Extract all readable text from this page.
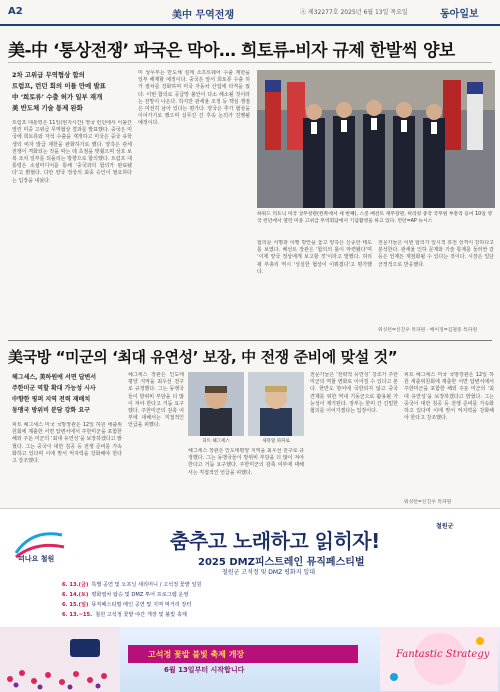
A2	美中 무역전쟁	Ⓐ 제32277호 2025년 6월 13일 목요일	동아일보
美-中 ‘통상전쟁’ 파국은 막아… 희토류-비자 규제 한발씩 양보
2차 고위급 무역협상 합의
트럼프, 런던 회의 이틀 만에 발표
中 ‘희토류’ 수출 허가 일부 재개
美 반도체 기술 통제 완화
트럼프 대통령은 11일(현지시간) 영국 런던에서 이틀간 열린 미중 고위급 무역협상 결과를 발표했다. 중국은 미국에 희토류와 자석 수출을 재개하고 미국은 중국 유학생의 비자 발급 제한을 완화하기로 했다. 양측은 관세 전쟁이 격화되는 것을 막는 데 초점을 맞췄으며 상호 보복 조치 일부를 되돌리는 방향으로 합의했다. 트럼프 대통령은 소셜미디어를 통해 ‘중국과의 합의가 완료됐다’고 밝혔다. 다만 양국 정상의 최종 승인이 필요하다는 입장을 내놨다.
미 상무부는 반도체 설계 소프트웨어 수출 제한을 일부 해제할 예정이다. 중국은 앞서 희토류 수출 허가 절차를 강화하며 미국 자동차 산업에 타격을 줬다. 이번 합의로 공급망 불안이 다소 해소될 것이라는 전망이 나온다. 하지만 관세율 조정 등 핵심 쟁점은 여전히 남아 있다는 평가다. 양국은 추가 협상을 이어가기로 했으며 실무진 간 후속 논의가 진행될 예정이다.
하워드 러트닉 미국 상무장관(왼쪽에서 세 번째), 스콧 베선트 재무장관, 허리펑 중국 국무원 부총리 등이 10일 영국 런던에서 열린 미중 고위급 무역회담에서 기념촬영을 하고 있다. 런던=AP 뉴시스
합의문 서명과 이행 방안을 놓고 양측은 신중한 태도를 보였다. 베선트 장관은 ‘합의의 틀이 마련됐다’며 ‘이제 양국 정상에게 보고할 것’이라고 말했다. 허리펑 부총리 역시 ‘성실한 협상이 이뤄졌다’고 평가했다.
전문가들은 이번 합의가 일시적 휴전 성격이 강하다고 분석한다. 관세율 인하 문제와 기술 통제를 둘러싼 갈등은 언제든 재점화될 수 있다는 것이다. 시장은 일단 긍정적으로 반응했다.
워싱턴=신진우 특파원 · 베이징=김철중 특파원
美국방 “미군의 ‘최대 유연성’ 보장, 中 전쟁 준비에 맞설 것”
헤그세스, 美하원에 서면 답변서
주한미군 역할 확대 가능성 시사
中향한 핑퍼 지역 전력 재배치
동맹국 방위비 분담 강화 요구
피트 헤그세스 미국 국방장관은 12일 하원 세출위원회에 제출한 서면 답변서에서 주한미군을 포함한 해외 주둔 미군의 ‘최대 유연성’을 보장하겠다고 밝혔다. 그는 중국이 대만 침공 등 전쟁 준비를 가속화하고 있다며 이에 맞서 억지력을 강화해야 한다고 강조했다.
헤그세스 장관은 인도태평양 지역을 최우선 전구로 규정했다. 그는 동맹국들이 방위비 부담을 더 많이 져야 한다고 거듭 요구했다. 주한미군의 감축 여부에 대해서는 직접적인 언급을 피했다.
피트 헤그세스	새뮤얼 파파로
헤그세스 장관은 인도태평양 지역을 최우선 전구로 규정했다. 그는 동맹국들이 방위비 부담을 더 많이 져야 한다고 거듭 요구했다. 주한미군의 감축 여부에 대해서는 직접적인 언급을 피했다.
전문가들은 ‘전략적 유연성’ 강조가 주한미군의 역할 변화로 이어질 수 있다고 본다. 한반도 방어에 국한되지 않고 중국 견제를 위한 역내 기동군으로 활용될 가능성이 제기된다. 정부는 한미 간 긴밀한 협의를 이어가겠다는 입장이다.
피트 헤그세스 미국 국방장관은 12일 하원 세출위원회에 제출한 서면 답변서에서 주한미군을 포함한 해외 주둔 미군의 ‘최대 유연성’을 보장하겠다고 밝혔다. 그는 중국이 대만 침공 등 전쟁 준비를 가속화하고 있다며 이에 맞서 억지력을 강화해야 한다고 강조했다.
워싱턴=신진우 특파원
떠나요 철원
철원군
춤추고 노래하고 읽히자!
2025 DMZ피스트레인 뮤직페스티벌
철원군 고석정 및 DMZ 평화지 일대
6. 13.(금) 특별 공연 및 오프닝 세리머니 / 고석정 꽃밭 일원
6. 14.(토) 평화열차 탑승 및 DMZ 투어 프로그램 운영
6. 15.(일) 뮤직페스티벌 메인 공연 및 지역 먹거리 장터
6. 13.~15. 철원 고석정 꽃밭 야간 개장 및 불빛 축제
고석정 꽃밭 불빛 축제 개장
6월 13일부터 시작합니다
Fantastic Strategy
